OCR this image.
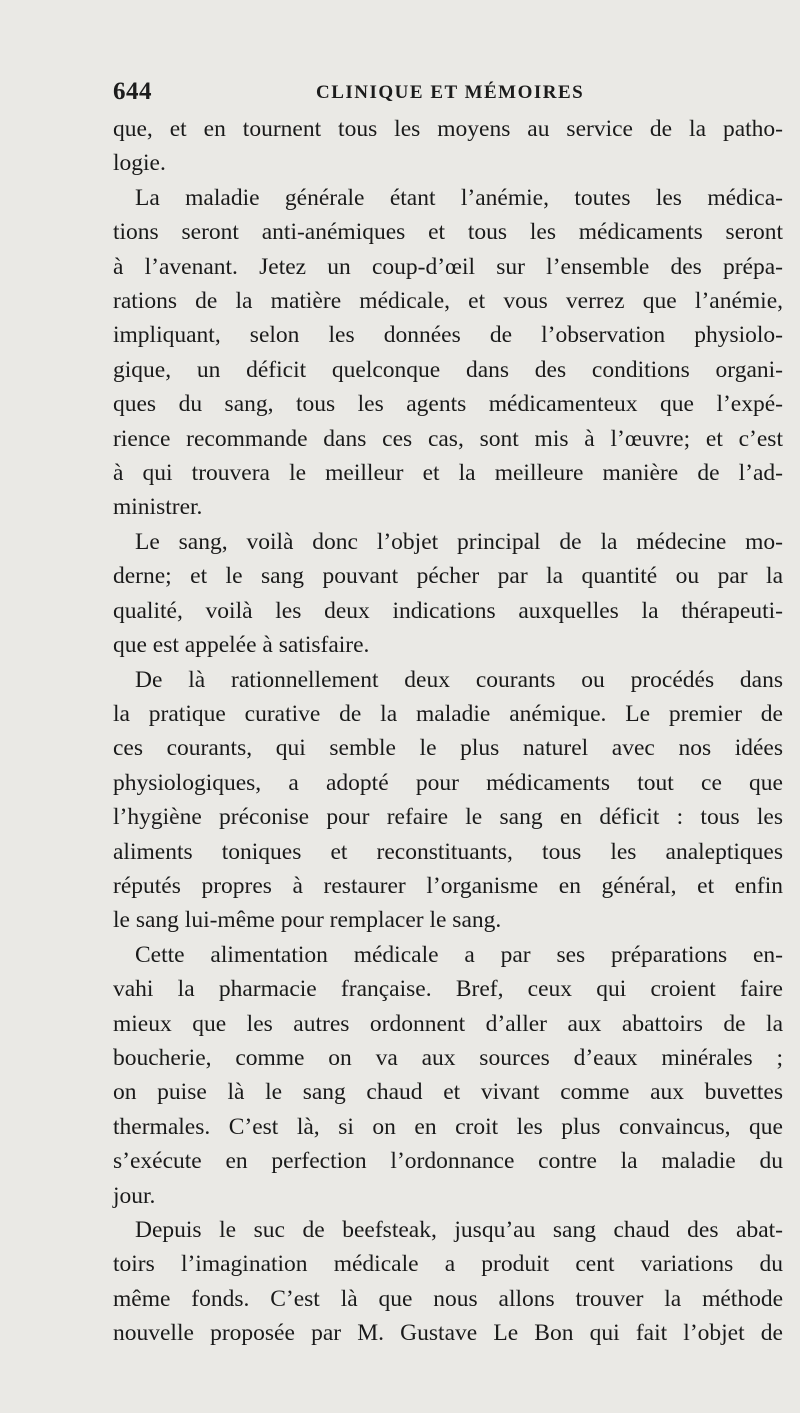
644	CLINIQUE ET MÉMOIRES
que, et en tournent tous les moyens au service de la patho-
logie.
La maladie générale étant l’anémie, toutes les médica-
tions seront anti-anémiques et tous les médicaments seront
à l’avenant. Jetez un coup-d’œil sur l’ensemble des prépa-
rations de la matière médicale, et vous verrez que l’anémie,
impliquant, selon les données de l’observation physiolo-
gique, un déficit quelconque dans des conditions organi-
ques du sang, tous les agents médicamenteux que l’expé-
rience recommande dans ces cas, sont mis à l’œuvre; et c’est
à qui trouvera le meilleur et la meilleure manière de l’ad-
ministrer.
Le sang, voilà donc l’objet principal de la médecine mo-
derne; et le sang pouvant pécher par la quantité ou par la
qualité, voilà les deux indications auxquelles la thérapeuti-
que est appelée à satisfaire.
De là rationnellement deux courants ou procédés dans
la pratique curative de la maladie anémique. Le premier de
ces courants, qui semble le plus naturel avec nos idées
physiologiques, a adopté pour médicaments tout ce que
l’hygiène préconise pour refaire le sang en déficit : tous les
aliments toniques et reconstituants, tous les analeptiques
réputés propres à restaurer l’organisme en général, et enfin
le sang lui-même pour remplacer le sang.
Cette alimentation médicale a par ses préparations en-
vahi la pharmacie française. Bref, ceux qui croient faire
mieux que les autres ordonnent d’aller aux abattoirs de la
boucherie, comme on va aux sources d’eaux minérales ;
on puise là le sang chaud et vivant comme aux buvettes
thermales. C’est là, si on en croit les plus convaincus, que
s’exécute en perfection l’ordonnance contre la maladie du
jour.
Depuis le suc de beefsteak, jusqu’au sang chaud des abat-
toirs l’imagination médicale a produit cent variations du
même fonds. C’est là que nous allons trouver la méthode
nouvelle proposée par M. Gustave Le Bon qui fait l’objet de
